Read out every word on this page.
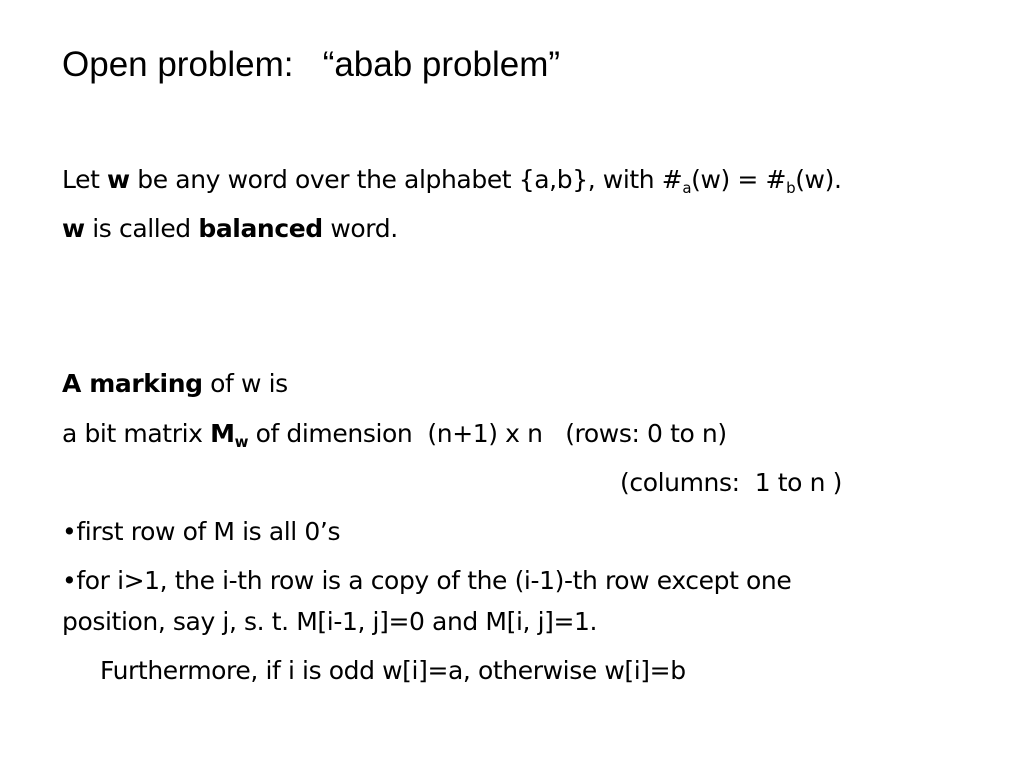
Open problem:   “abab problem”
Let w be any word over the alphabet {a,b}, with $\#_a(w)$ = $\#_b(w)$.
w is called balanced word.
A marking of w is
a bit matrix $M_w$ of dimension  (n+1) x n   (rows: 0 to n)
(columns:  1 to n )
•first row of M is all 0’s
•for i>1, the i-th row is a copy of the (i-1)-th row except one
position, say j, s. t. M[i-1, j]=0 and M[i, j]=1.
Furthermore, if i is odd w[i]=a, otherwise w[i]=b
